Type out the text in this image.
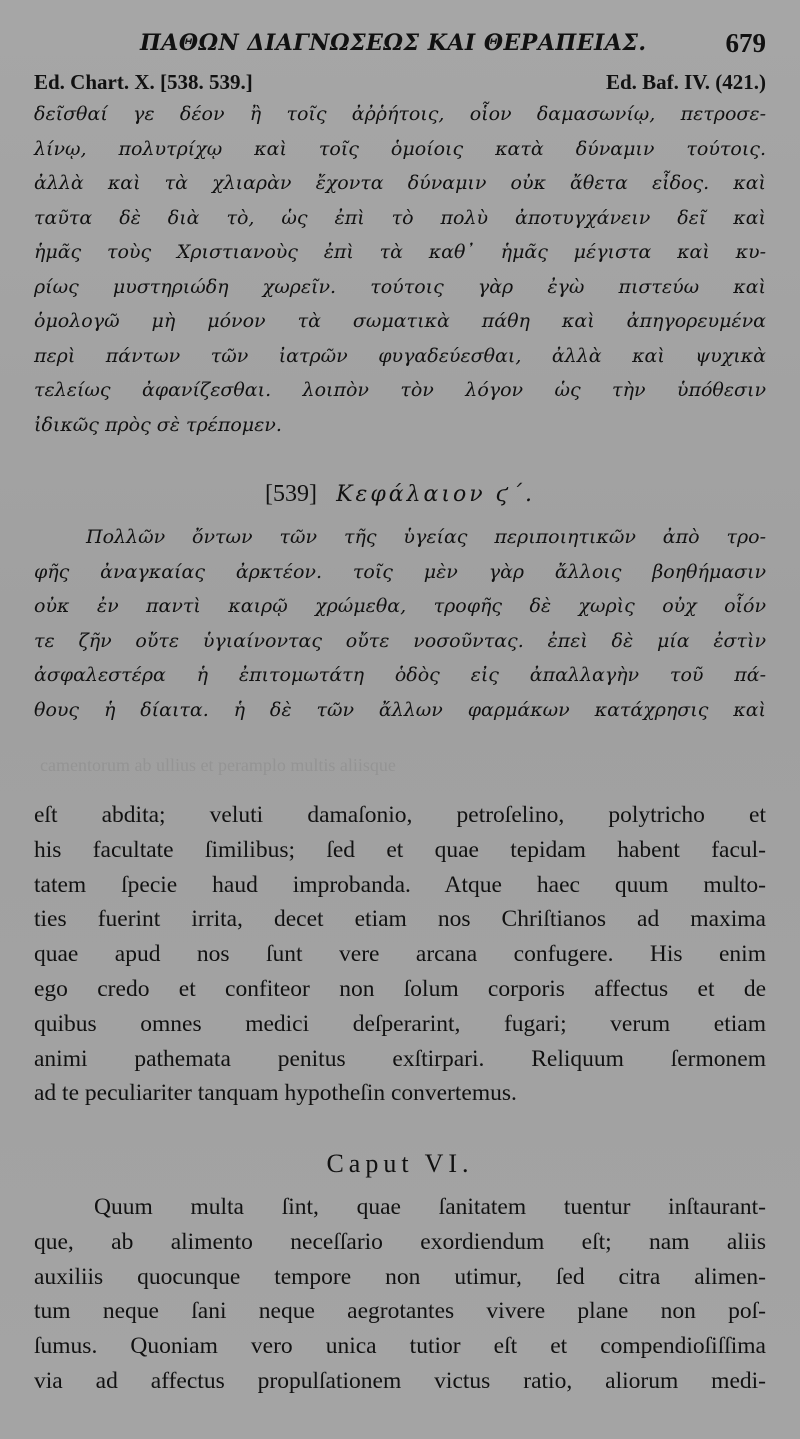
ΠΑΘΩΝ ΔΙΑΓΝΩΣΕΩΣ ΚΑΙ ΘΕΡΑΠΕΙΑΣ.	679
Ed. Chart. X. [538. 539.]	Ed. Baf. IV. (421.)
δεῖσθαί γε δέον ἢ τοῖς ἀῤῥήτοις, οἷον δαμασωνίῳ, πετροσε-
λίνῳ, πολυτρίχῳ καὶ τοῖς ὁμοίοις κατὰ δύναμιν τούτοις.
ἀλλὰ καὶ τὰ χλιαρὰν ἔχοντα δύναμιν οὐκ ἄθετα εἶδος. καὶ
ταῦτα δὲ διὰ τὸ, ὡς ἐπὶ τὸ πολὺ ἀποτυγχάνειν δεῖ καὶ
ἡμᾶς τοὺς Χριστιανοὺς ἐπὶ τὰ καθ᾽ ἡμᾶς μέγιστα καὶ κυ-
ρίως μυστηριώδη χωρεῖν. τούτοις γὰρ ἐγὼ πιστεύω καὶ
ὁμολογῶ μὴ μόνον τὰ σωματικὰ πάθη καὶ ἀπηγορευμένα
περὶ πάντων τῶν ἰατρῶν φυγαδεύεσθαι, ἀλλὰ καὶ ψυχικὰ
τελείως ἀφανίζεσθαι. λοιπὸν τὸν λόγον ὡς τὴν ὑπόθεσιν
ἰδικῶς πρὸς σὲ τρέπομεν.
[539] Κεφάλαιον ϛ΄.
Πολλῶν ὄντων τῶν τῆς ὑγείας περιποιητικῶν ἀπὸ τρο-
φῆς ἀναγκαίας ἀρκτέον. τοῖς μὲν γὰρ ἄλλοις βοηθήμασιν
οὐκ ἐν παντὶ καιρῷ χρώμεθα, τροφῆς δὲ χωρὶς οὐχ οἷόν
τε ζῆν οὔτε ὑγιαίνοντας οὔτε νοσοῦντας. ἐπεὶ δὲ μία ἐστὶν
ἀσφαλεστέρα ἡ ἐπιτομωτάτη ὁδὸς εἰς ἀπαλλαγὴν τοῦ πά-
θους ἡ δίαιτα. ἡ δὲ τῶν ἄλλων φαρμάκων κατάχρησις καὶ
camentorum ab ullius et peramplo multis aliisque
eſt abdita; veluti damaſonio, petroſelino, polytricho et
his facultate ſimilibus; ſed et quae tepidam habent facul-
tatem ſpecie haud improbanda. Atque haec quum multo-
ties fuerint irrita, decet etiam nos Chriſtianos ad maxima
quae apud nos ſunt vere arcana confugere. His enim
ego credo et confiteor non ſolum corporis affectus et de
quibus omnes medici deſperarint, fugari; verum etiam
animi pathemata penitus exſtirpari. Reliquum ſermonem
ad te peculiariter tanquam hypotheſin convertemus.
Caput VI.
Quum multa ſint, quae ſanitatem tuentur inſtaurant-
que, ab alimento neceſſario exordiendum eſt; nam aliis
auxiliis quocunque tempore non utimur, ſed citra alimen-
tum neque ſani neque aegrotantes vivere plane non poſ-
ſumus. Quoniam vero unica tutior eſt et compendioſiſſima
via ad affectus propulſationem victus ratio, aliorum medi-
